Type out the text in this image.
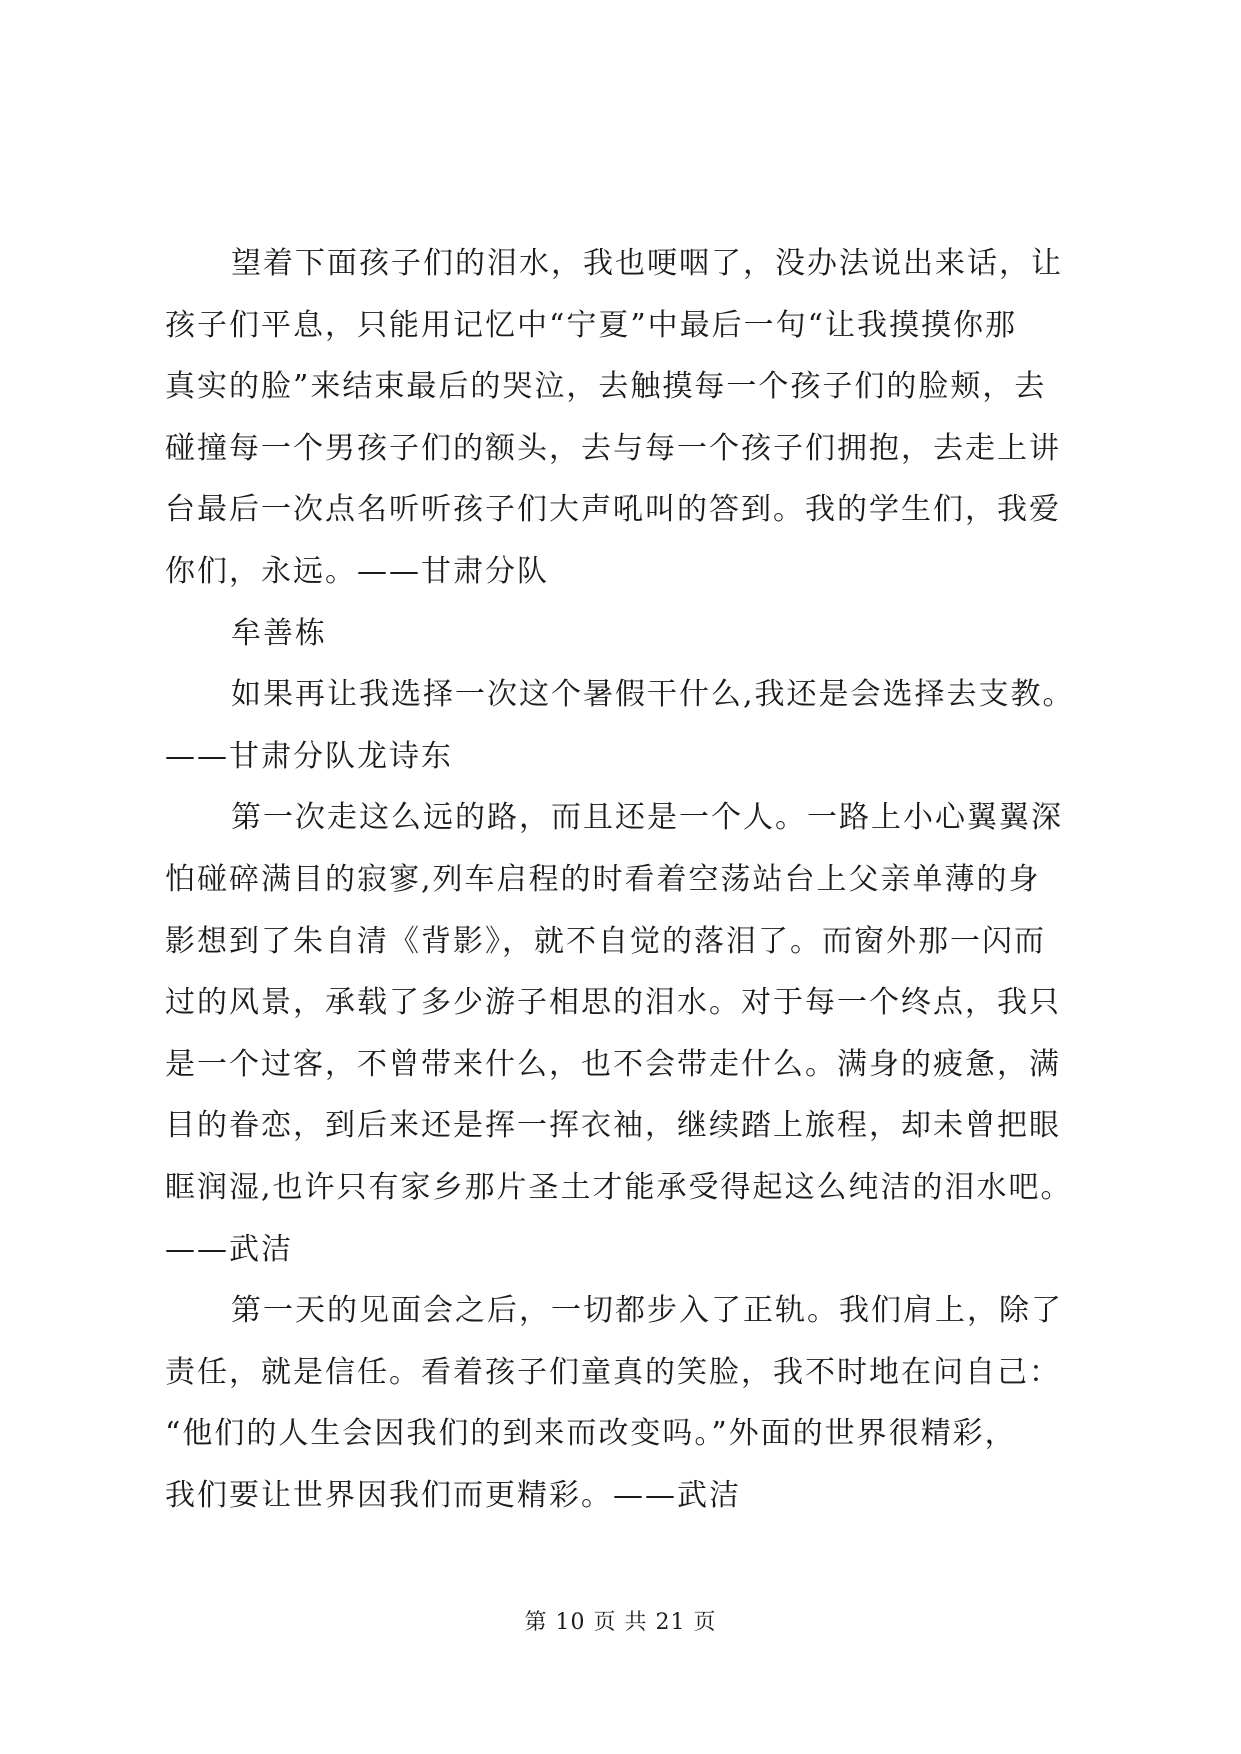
望着下面孩子们的泪水，我也哽咽了，没办法说出来话，让
孩子们平息，只能用记忆中“宁夏”中最后一句“让我摸摸你那
真实的脸”来结束最后的哭泣，去触摸每一个孩子们的脸颊，去
碰撞每一个男孩子们的额头，去与每一个孩子们拥抱，去走上讲
台最后一次点名听听孩子们大声吼叫的答到。我的学生们，我爱
你们，永远。——甘肃分队
牟善栋
如果再让我选择一次这个暑假干什么,我还是会选择去支教。
——甘肃分队龙诗东
第一次走这么远的路，而且还是一个人。一路上小心翼翼深
怕碰碎满目的寂寥,列车启程的时看着空荡站台上父亲单薄的身
影想到了朱自清《背影》，就不自觉的落泪了。而窗外那一闪而
过的风景，承载了多少游子相思的泪水。对于每一个终点，我只
是一个过客，不曾带来什么，也不会带走什么。满身的疲惫，满
目的眷恋，到后来还是挥一挥衣袖，继续踏上旅程，却未曾把眼
眶润湿,也许只有家乡那片圣土才能承受得起这么纯洁的泪水吧。
——武洁
第一天的见面会之后，一切都步入了正轨。我们肩上，除了
责任，就是信任。看着孩子们童真的笑脸，我不时地在问自己：
“他们的人生会因我们的到来而改变吗。”外面的世界很精彩，
我们要让世界因我们而更精彩。——武洁
第 10 页 共 21 页
